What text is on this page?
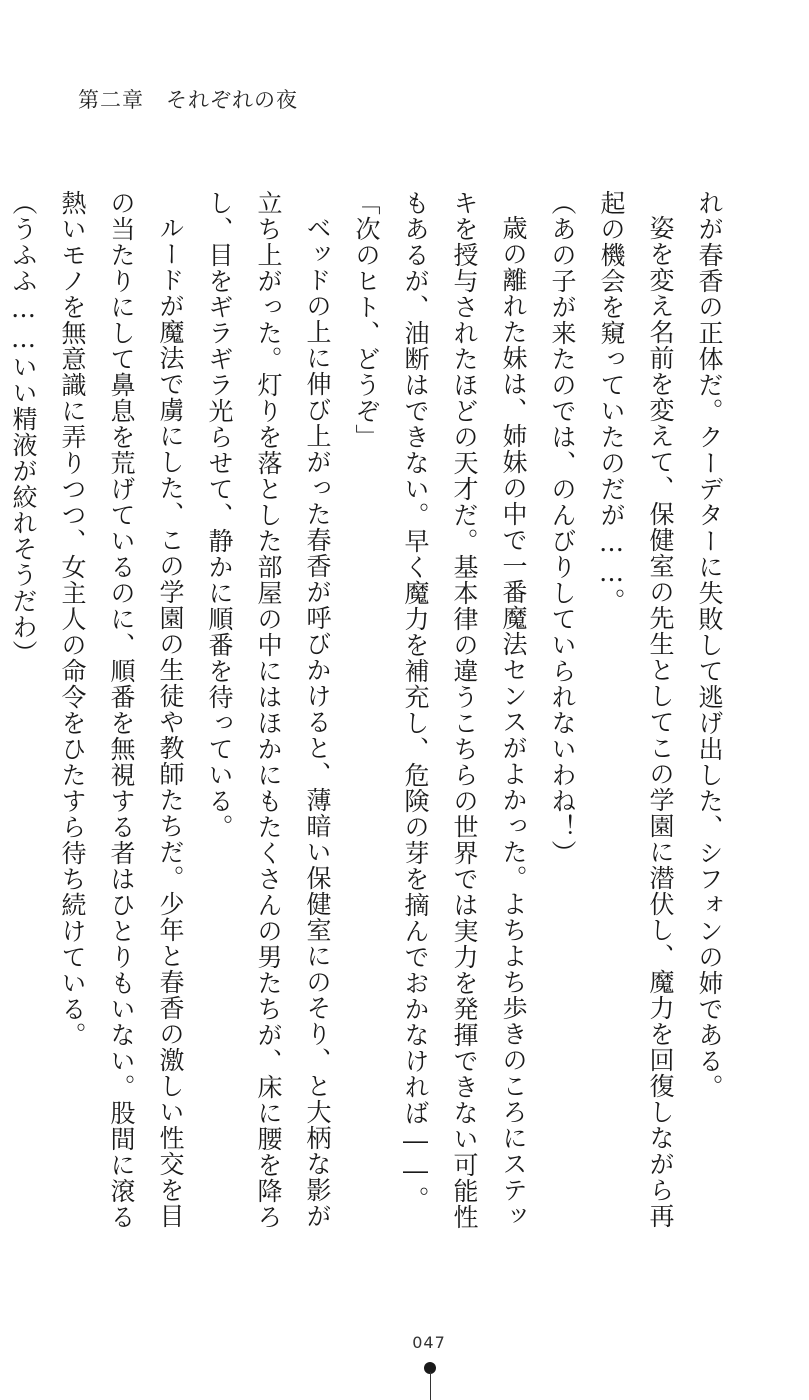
第二章　それぞれの夜

れが春香の正体だ。クーデターに失敗して逃げ出した、シフォンの姉である。

姿を変え名前を変えて、保健室の先生としてこの学園に潜伏し、魔力を回復しながら再

起の機会を窺っていたのだが……。

（あの子が来たのでは、のんびりしていられないわね！）

歳の離れた妹は、姉妹の中で一番魔法センスがよかった。よちよち歩きのころにステッ

キを授与されたほどの天才だ。基本律の違うこちらの世界では実力を発揮できない可能性

もあるが、油断はできない。早く魔力を補充し、危険の芽を摘んでおかなければ――。

「次のヒト、どうぞ」

ベッドの上に伸び上がった春香が呼びかけると、薄暗い保健室にのそり、と大柄な影が

立ち上がった。灯りを落とした部屋の中にはほかにもたくさんの男たちが、床に腰を降ろ

し、目をギラギラ光らせて、静かに順番を待っている。

ルードが魔法で虜にした、この学園の生徒や教師たちだ。少年と春香の激しい性交を目

の当たりにして鼻息を荒げているのに、順番を無視する者はひとりもいない。股間に滾る

熱いモノを無意識に弄りつつ、女主人の命令をひたすら待ち続けている。

（うふふ……いい精液が絞れそうだわ）

047
